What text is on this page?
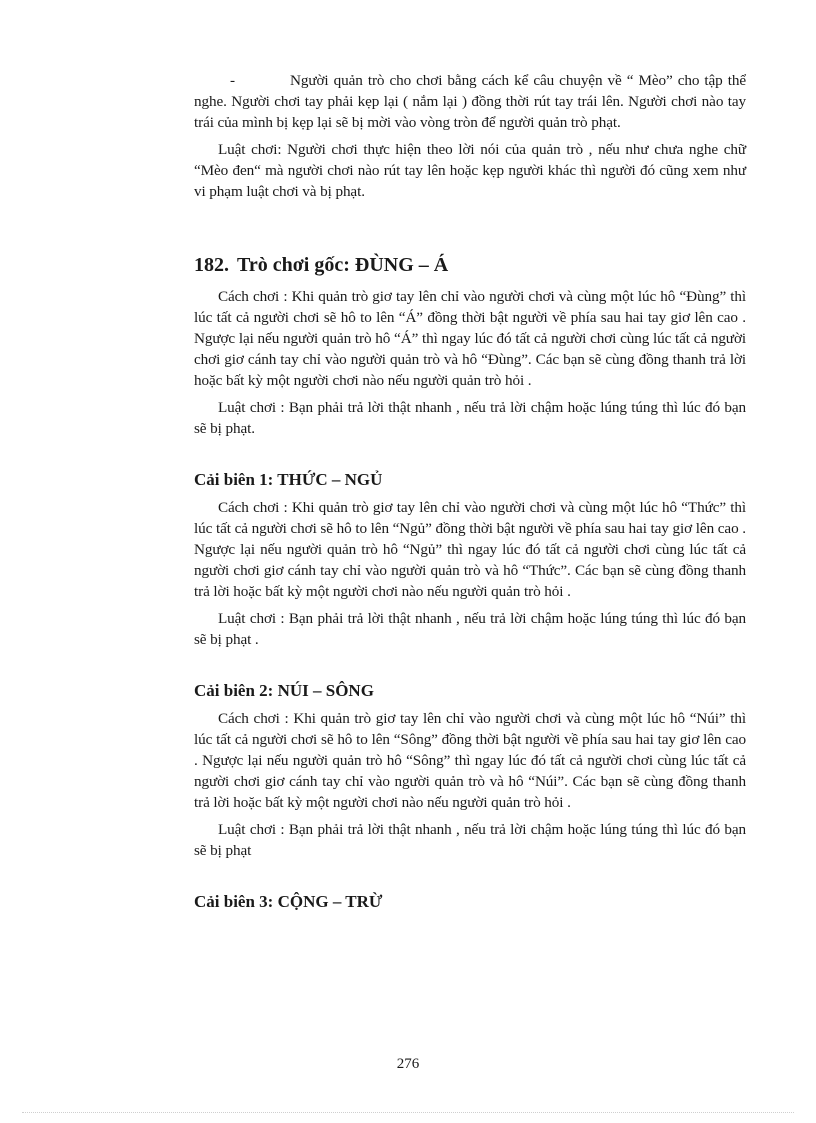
-	Người quản trò cho chơi bằng cách kể câu chuyện về “ Mèo” cho tập thể nghe. Người chơi tay phải kẹp lại ( nắm lại ) đồng thời rút tay trái lên. Người chơi nào tay trái của mình bị kẹp lại sẽ bị mời vào vòng tròn để người quản trò phạt.

Luật chơi: Người chơi thực hiện theo lời nói của quản trò , nếu như chưa nghe chữ “Mèo đen“ mà người chơi nào rút tay lên hoặc kẹp người khác thì người đó cũng xem như vi phạm luật chơi và bị phạt.

182. Trò chơi gốc: ĐÙNG – Á

Cách chơi : Khi quản trò giơ tay lên chỉ vào người chơi và cùng một lúc hô “Đùng” thì lúc tất cả người chơi sẽ hô to lên “Á” đồng thời bật người về phía sau hai tay giơ lên cao . Ngược lại nếu người quản trò hô “Á” thì ngay lúc đó tất cả người chơi cùng lúc tất cả người chơi giơ cánh tay chỉ vào người quản trò và hô “Đùng”. Các bạn sẽ cùng đồng thanh trả lời hoặc bất kỳ một người chơi nào nếu người quản trò hỏi .

Luật chơi : Bạn phải trả lời thật nhanh , nếu trả lời chậm hoặc lúng túng thì lúc đó bạn sẽ bị phạt.

Cải biên 1: THỨC – NGỦ

Cách chơi : Khi quản trò giơ tay lên chỉ vào người chơi và cùng một lúc hô “Thức” thì lúc tất cả người chơi sẽ hô to lên “Ngủ” đồng thời bật người về phía sau hai tay giơ lên cao . Ngược lại nếu người quản trò hô “Ngủ” thì ngay lúc đó tất cả người chơi cùng lúc tất cả người chơi giơ cánh tay chỉ vào người quản trò và hô “Thức”. Các bạn sẽ cùng đồng thanh trả lời hoặc bất kỳ một người chơi nào nếu người quản trò hỏi .

Luật chơi : Bạn phải trả lời thật nhanh , nếu trả lời chậm hoặc lúng túng thì lúc đó bạn sẽ bị phạt .

Cải biên 2: NÚI – SÔNG

Cách chơi : Khi quản trò giơ tay lên chỉ vào người chơi và cùng một lúc hô “Núi” thì lúc tất cả người chơi sẽ hô to lên “Sông” đồng thời bật người về phía sau hai tay giơ lên cao . Ngược lại nếu người quản trò hô “Sông” thì ngay lúc đó tất cả người chơi cùng lúc tất cả người chơi giơ cánh tay chỉ vào người quản trò và hô “Núi”. Các bạn sẽ cùng đồng thanh trả lời hoặc bất kỳ một người chơi nào nếu người quản trò hỏi .

Luật chơi : Bạn phải trả lời thật nhanh , nếu trả lời chậm hoặc lúng túng thì lúc đó bạn sẽ bị phạt

Cải biên 3: CỘNG – TRỪ
276
